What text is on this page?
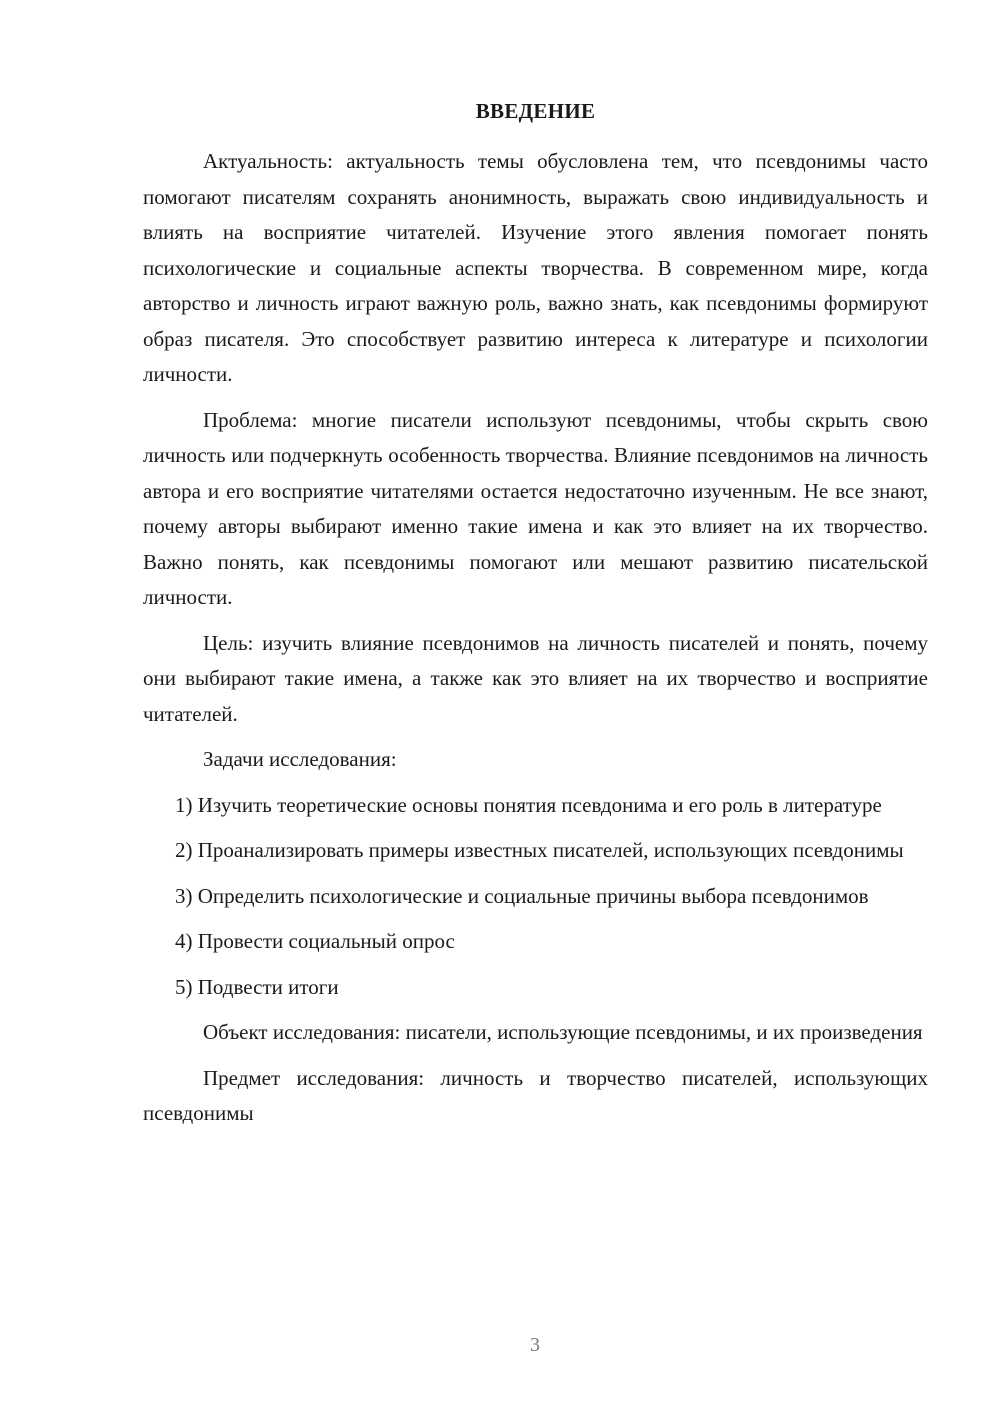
ВВЕДЕНИЕ

Актуальность: актуальность темы обусловлена тем, что псевдонимы часто помогают писателям сохранять анонимность, выражать свою индивидуальность и влиять на восприятие читателей. Изучение этого явления помогает понять психологические и социальные аспекты творчества. В современном мире, когда авторство и личность играют важную роль, важно знать, как псевдонимы формируют образ писателя. Это способствует развитию интереса к литературе и психологии личности.

Проблема: многие писатели используют псевдонимы, чтобы скрыть свою личность или подчеркнуть особенность творчества. Влияние псевдонимов на личность автора и его восприятие читателями остается недостаточно изученным. Не все знают, почему авторы выбирают именно такие имена и как это влияет на их творчество. Важно понять, как псевдонимы помогают или мешают развитию писательской личности.

Цель: изучить влияние псевдонимов на личность писателей и понять, почему они выбирают такие имена, а также как это влияет на их творчество и восприятие читателей.

Задачи исследования:

1) Изучить теоретические основы понятия псевдонима и его роль в литературе

2) Проанализировать примеры известных писателей, использующих псевдонимы

3) Определить психологические и социальные причины выбора псевдонимов

4) Провести социальный опрос

5) Подвести итоги

Объект исследования: писатели, использующие псевдонимы, и их произведения

Предмет исследования: личность и творчество писателей, использующих псевдонимы

3
